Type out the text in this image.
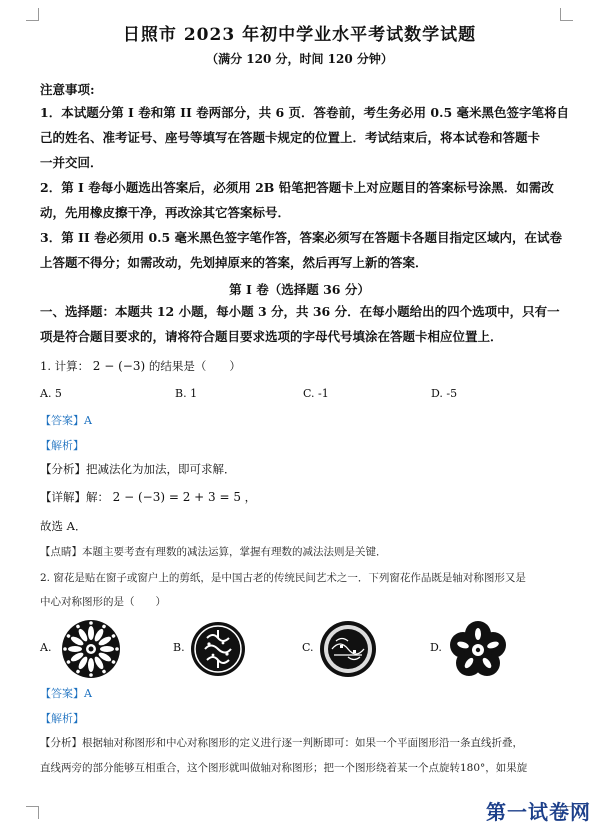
日照市 2023 年初中学业水平考试数学试题
（满分 120 分，时间 120 分钟）
注意事项:
1．本试题分第 I 卷和第 II 卷两部分，共 6 页．答卷前，考生务必用 0.5 毫米黑色签字笔将自
己的姓名、准考证号、座号等填写在答题卡规定的位置上．考试结束后，将本试卷和答题卡
一并交回．
2．第 I 卷每小题选出答案后，必须用 2B 铅笔把答题卡上对应题目的答案标号涂黑．如需改
动，先用橡皮擦干净，再改涂其它答案标号．
3．第 II 卷必须用 0.5 毫米黑色签字笔作答，答案必须写在答题卡各题目指定区域内，在试卷
上答题不得分；如需改动，先划掉原来的答案，然后再写上新的答案．
第 I 卷（选择题 36 分）
一、选择题：本题共 12 小题，每小题 3 分，共 36 分．在每小题给出的四个选项中，只有一
项是符合题目要求的，请将符合题目要求选项的字母代号填涂在答题卡相应位置上．
1. 计算： 2 − (−3) 的结果是（　　）
A. 5	B. 1	C. -1	D. -5
【答案】A
【解析】
【分析】把减法化为加法，即可求解．
【详解】解： 2 − (−3) = 2 + 3 = 5 ，
故选 A．
【点睛】本题主要考查有理数的减法运算，掌握有理数的减法法则是关键．
2. 窗花是贴在窗子或窗户上的剪纸，是中国古老的传统民间艺术之一．下列窗花作品既是轴对称图形又是
中心对称图形的是（　　）
A.	B.	C.	D.
【答案】A
【解析】
【分析】根据轴对称图形和中心对称图形的定义进行逐一判断即可：如果一个平面图形沿一条直线折叠，
直线两旁的部分能够互相重合，这个图形就叫做轴对称图形；把一个图形绕着某一个点旋转180°，如果旋
第一试卷网
